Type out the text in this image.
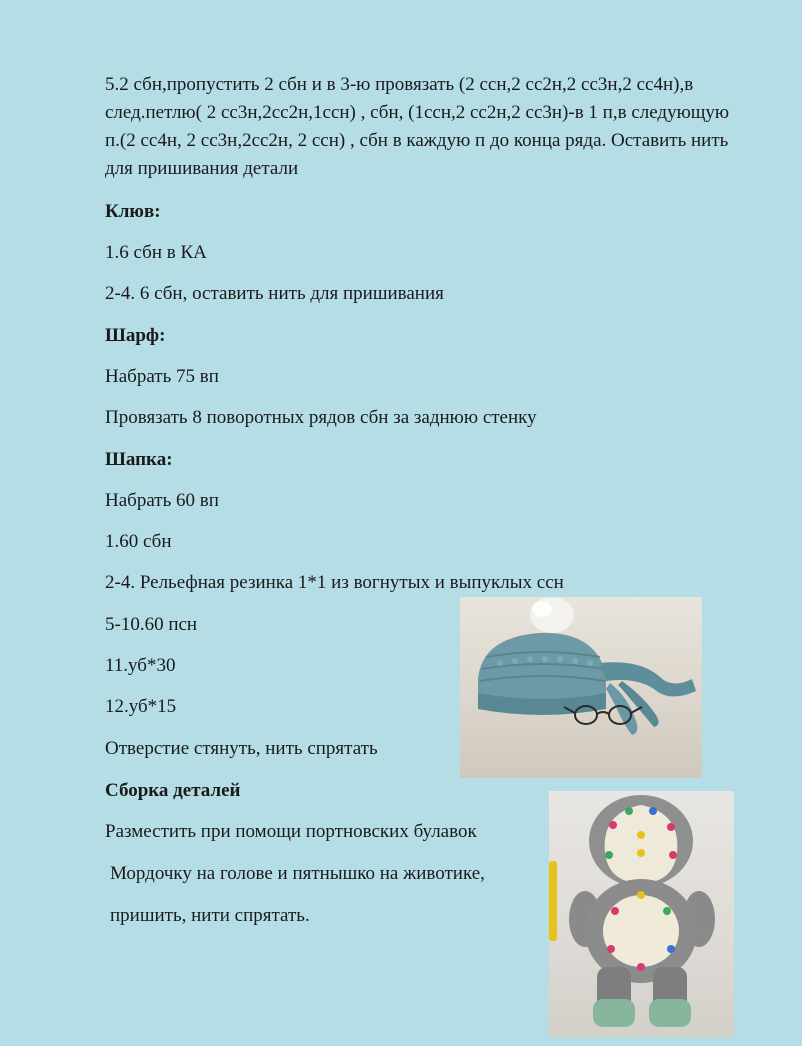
5.2 сбн,пропустить 2 сбн и в 3-ю провязать (2 ссн,2 сс2н,2 сс3н,2 сс4н),в след.петлю( 2 сс3н,2сс2н,1ссн) , сбн, (1ссн,2 сс2н,2 сс3н)-в 1 п,в следующую п.(2 сс4н, 2 сс3н,2сс2н, 2 ссн) , сбн в каждую п до конца ряда. Оставить нить для пришивания детали

Клюв:

1.6 сбн в КА

2-4. 6 сбн, оставить нить для пришивания

Шарф:

Набрать 75 вп

Провязать 8 поворотных рядов сбн за заднюю стенку

Шапка:

Набрать 60 вп

1.60 сбн

2-4. Рельефная резинка 1*1 из вогнутых и выпуклых ссн

5-10.60 псн

11.уб*30

12.уб*15

Отверстие стянуть, нить спрятать

Сборка деталей

Разместить при помощи портновских булавок

Мордочку на голове и пятнышко на животике,

пришить, нити спрятать.
